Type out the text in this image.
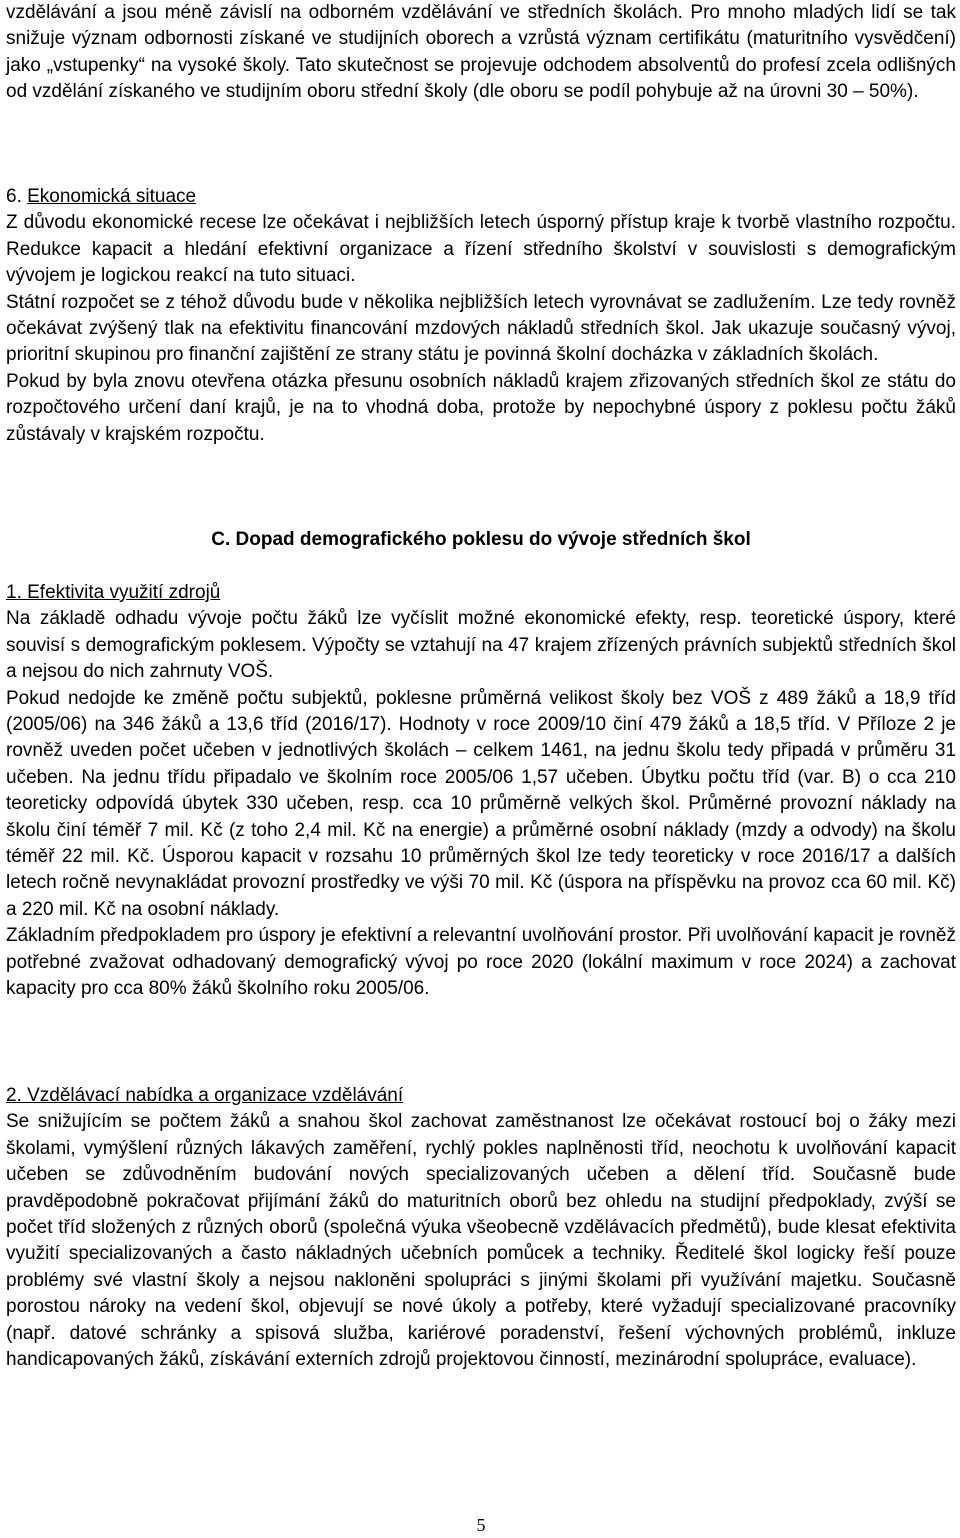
vzdělávání a jsou méně závislí na odborném vzdělávání ve středních školách. Pro mnoho mladých lidí se tak snižuje význam odbornosti získané ve studijních oborech a vzrůstá význam certifikátu (maturitního vysvědčení) jako „vstupenky“ na vysoké školy. Tato skutečnost se projevuje odchodem absolventů do profesí zcela odlišných od vzdělání získaného ve studijním oboru střední školy (dle oboru se podíl pohybuje až na úrovni 30 – 50%).

6. Ekonomická situace

Z důvodu ekonomické recese lze očekávat i nejbližších letech úsporný přístup kraje k tvorbě vlastního rozpočtu. Redukce kapacit a hledání efektivní organizace a řízení středního školství v souvislosti s demografickým vývojem je logickou reakcí na tuto situaci.

Státní rozpočet se z téhož důvodu bude v několika nejbližších letech vyrovnávat se zadlužením. Lze tedy rovněž očekávat zvýšený tlak na efektivitu financování mzdových nákladů středních škol. Jak ukazuje současný vývoj, prioritní skupinou pro finanční zajištění ze strany státu je povinná školní docházka v základních školách.

Pokud by byla znovu otevřena otázka přesunu osobních nákladů krajem zřizovaných středních škol ze státu do rozpočtového určení daní krajů, je na to vhodná doba, protože by nepochybné úspory z poklesu počtu žáků zůstávaly v krajském rozpočtu.

C. Dopad demografického poklesu do vývoje středních škol

1. Efektivita využití zdrojů

Na základě odhadu vývoje počtu žáků lze vyčíslit možné ekonomické efekty, resp. teoretické úspory, které souvisí s demografickým poklesem. Výpočty se vztahují na 47 krajem zřízených právních subjektů středních škol a nejsou do nich zahrnuty VOŠ.

Pokud nedojde ke změně počtu subjektů, poklesne průměrná velikost školy bez VOŠ z 489 žáků a 18,9 tříd (2005/06) na 346 žáků a 13,6 tříd (2016/17). Hodnoty v roce 2009/10 činí 479 žáků a 18,5 tříd. V Příloze 2 je rovněž uveden počet učeben v jednotlivých školách – celkem 1461, na jednu školu tedy připadá v průměru 31 učeben. Na jednu třídu připadalo ve školním roce 2005/06 1,57 učeben. Úbytku počtu tříd (var. B) o cca 210 teoreticky odpovídá úbytek 330 učeben, resp. cca 10 průměrně velkých škol. Průměrné provozní náklady na školu činí téměř 7 mil. Kč (z toho 2,4 mil. Kč na energie) a průměrné osobní náklady (mzdy a odvody) na školu téměř 22 mil. Kč. Úsporou kapacit v rozsahu 10 průměrných škol lze tedy teoreticky v roce 2016/17 a dalších letech ročně nevynakládat provozní prostředky ve výši 70 mil. Kč (úspora na příspěvku na provoz cca 60 mil. Kč) a 220 mil. Kč na osobní náklady.

Základním předpokladem pro úspory je efektivní a relevantní uvolňování prostor. Při uvolňování kapacit je rovněž potřebné zvažovat odhadovaný demografický vývoj po roce 2020 (lokální maximum v roce 2024) a zachovat kapacity pro cca 80% žáků školního roku 2005/06.

2. Vzdělávací nabídka a organizace vzdělávání

Se snižujícím se počtem žáků a snahou škol zachovat zaměstnanost lze očekávat rostoucí boj o žáky mezi školami, vymýšlení různých lákavých zaměření, rychlý pokles naplněnosti tříd, neochotu k uvolňování kapacit učeben se zdůvodněním budování nových specializovaných učeben a dělení tříd. Současně bude pravděpodobně pokračovat přijímání žáků do maturitních oborů bez ohledu na studijní předpoklady, zvýší se počet tříd složených z různých oborů (společná výuka všeobecně vzdělávacích předmětů), bude klesat efektivita využití specializovaných a často nákladných učebních pomůcek a techniky. Ředitelé škol logicky řeší pouze problémy své vlastní školy a nejsou nakloněni spolupráci s jinými školami při využívání majetku. Současně porostou nároky na vedení škol, objevují se nové úkoly a potřeby, které vyžadují specializované pracovníky (např. datové schránky a spisová služba, kariérové poradenství, řešení výchovných problémů, inkluze handicapovaných žáků, získávání externích zdrojů projektovou činností, mezinárodní spolupráce, evaluace).

5
